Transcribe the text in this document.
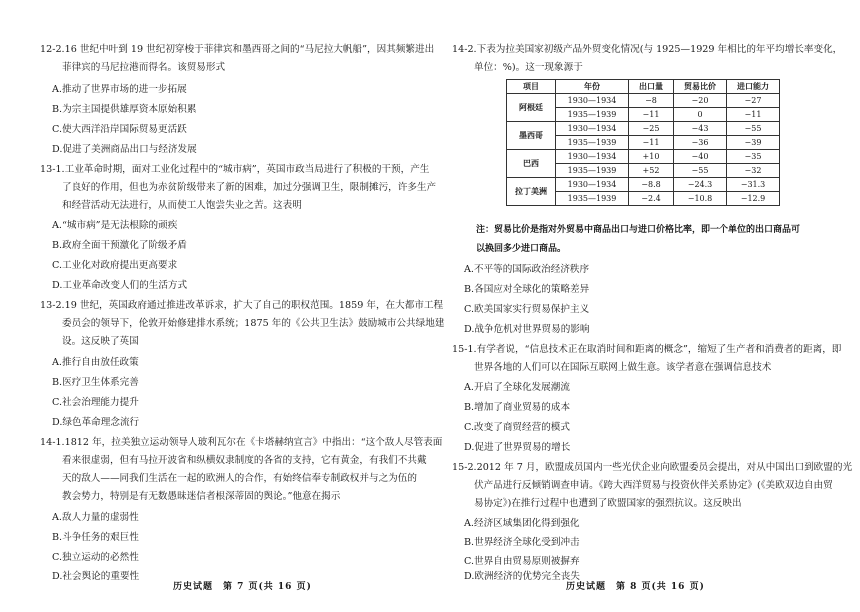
12-2.16 世纪中叶到 19 世纪初穿梭于菲律宾和墨西哥之间的“马尼拉大帆船”，因其频繁进出
菲律宾的马尼拉港而得名。该贸易形式
A.推动了世界市场的进一步拓展
B.为宗主国提供雄厚资本原始积累
C.使大西洋沿岸国际贸易更活跃
D.促进了美洲商品出口与经济发展
13-1.工业革命时期，面对工业化过程中的“城市病”，英国市政当局进行了积极的干预，产生
了良好的作用，但也为赤贫阶级带来了新的困难，加过分强调卫生，限制摊污，许多生产
和经营活动无法进行，从而使工人饱尝失业之苦。这表明
A.“城市病”是无法根除的顽疾
B.政府全面干预激化了阶级矛盾
C.工业化对政府提出更高要求
D.工业革命改变人们的生活方式
13-2.19 世纪，英国政府通过推进改革诉求，扩大了自己的职权范围。1859 年，在大都市工程
委员会的领导下，伦敦开始修建排水系统；1875 年的《公共卫生法》鼓励城市公共绿地建
设。这反映了英国
A.推行自由放任政策
B.医疗卫生体系完善
C.社会治理能力提升
D.绿色革命理念流行
14-1.1812 年，拉美独立运动领导人玻利瓦尔在《卡塔赫纳宣言》中指出：“这个敌人尽管表面
看来很虚弱，但有马拉开波省和纵横奴隶制度的各省的支持，它有黄金，有我们不共戴
天的敌人——同我们生活在一起的欧洲人的合作，有始终信奉专制政权并与之为伍的
教会势力，特别是有无数愚昧迷信者根深蒂固的舆论。”他意在揭示
A.敌人力量的虚弱性
B.斗争任务的艰巨性
C.独立运动的必然性
D.社会舆论的重要性
历史试题　第 7 页(共 16 页)
14-2.下表为拉美国家初级产品外贸变化情况(与 1925—1929 年相比的年平均增长率变化，
单位：%)。这一现象源于
项目	年份	出口量	贸易比价	进口能力
阿根廷	1930—1934	−8	−20	−27
	1935—1939	−11	0	−11
墨西哥	1930—1934	−25	−43	−55
	1935—1939	−11	−36	−39
巴西	1930—1934	+10	−40	−35
	1935—1939	+52	−55	−32
拉丁美洲	1930—1934	−8.8	−24.3	−31.3
	1935—1939	−2.4	−10.8	−12.9
注：贸易比价是指对外贸易中商品出口与进口价格比率，即一个单位的出口商品可
以换回多少进口商品。
A.不平等的国际政治经济秩序
B.各国应对全球化的策略差异
C.欧美国家实行贸易保护主义
D.战争危机对世界贸易的影响
15-1.有学者说，“信息技术正在取消时间和距离的概念”，缩短了生产者和消费者的距离，即
世界各地的人们可以在国际互联网上做生意。该学者意在强调信息技术
A.开启了全球化发展潮流
B.增加了商业贸易的成本
C.改变了商贸经营的模式
D.促进了世界贸易的增长
15-2.2012 年 7 月，欧盟成员国内一些光伏企业向欧盟委员会提出，对从中国出口到欧盟的光
伏产品进行反倾销调查申请。《跨大西洋贸易与投资伙伴关系协定》(《美欧双边自由贸
易协定》)在推行过程中也遭到了欧盟国家的强烈抗议。这反映出
A.经济区域集团化得到强化
B.世界经济全球化受到冲击
C.世界自由贸易原则被摒弃
D.欧洲经济的优势完全丧失
历史试题　第 8 页(共 16 页)
